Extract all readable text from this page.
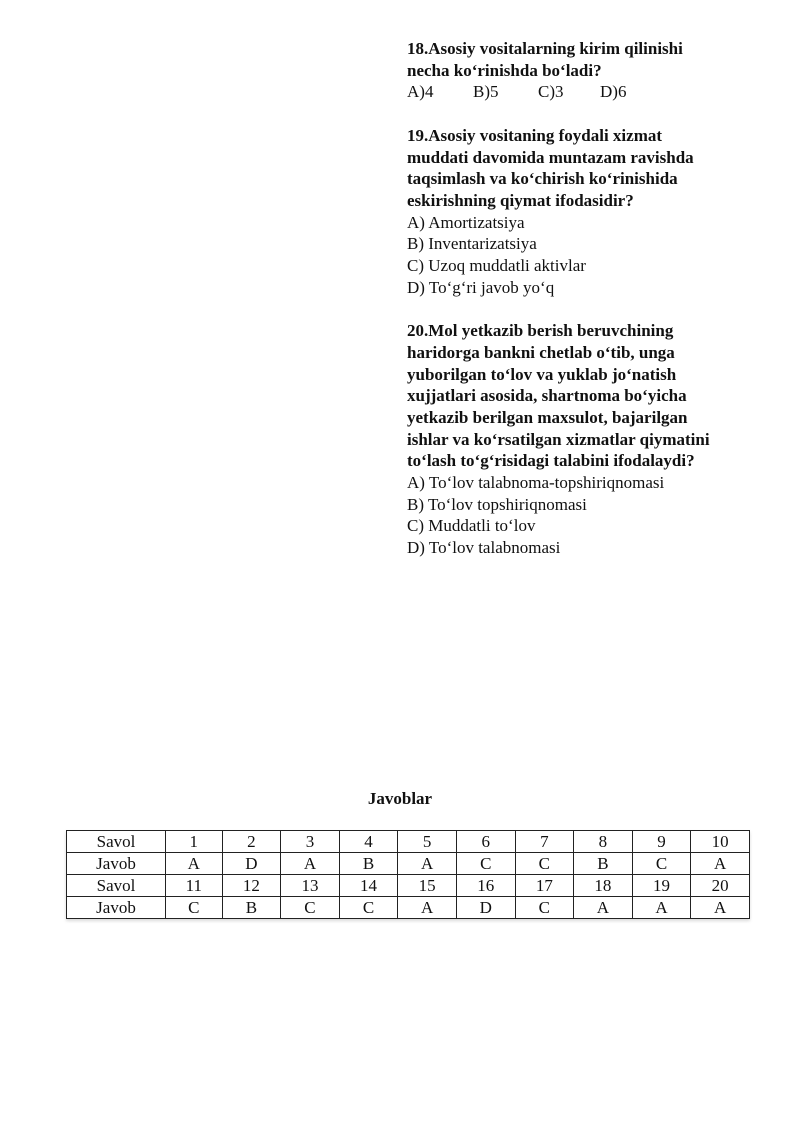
18.Asosiy vositalarning kirim qilinishi

necha ko‘rinishda bo‘ladi?

A)4	B)5	C)3	D)6

19.Asosiy vositaning foydali xizmat

muddati davomida muntazam ravishda

taqsimlash va ko‘chirish ko‘rinishida

eskirishning qiymat ifodasidir?

A) Amortizatsiya

B) Inventarizatsiya

C) Uzoq muddatli aktivlar

D) To‘g‘ri javob yo‘q

20.Mol yetkazib berish beruvchining

haridorga bankni chetlab o‘tib, unga

yuborilgan to‘lov va yuklab jo‘natish

xujjatlari asosida, shartnoma bo‘yicha

yetkazib berilgan maxsulot, bajarilgan

ishlar va ko‘rsatilgan xizmatlar qiymatini

to‘lash to‘g‘risidagi talabini ifodalaydi?

A) To‘lov talabnoma-topshiriqnomasi

B) To‘lov topshiriqnomasi

C) Muddatli to‘lov

D) To‘lov talabnomasi

Javoblar
Savol	1	2	3	4	5	6	7	8	9	10
Javob	A	D	A	B	A	C	C	B	C	A
Savol	11	12	13	14	15	16	17	18	19	20
Javob	C	B	C	C	A	D	C	A	A	A
